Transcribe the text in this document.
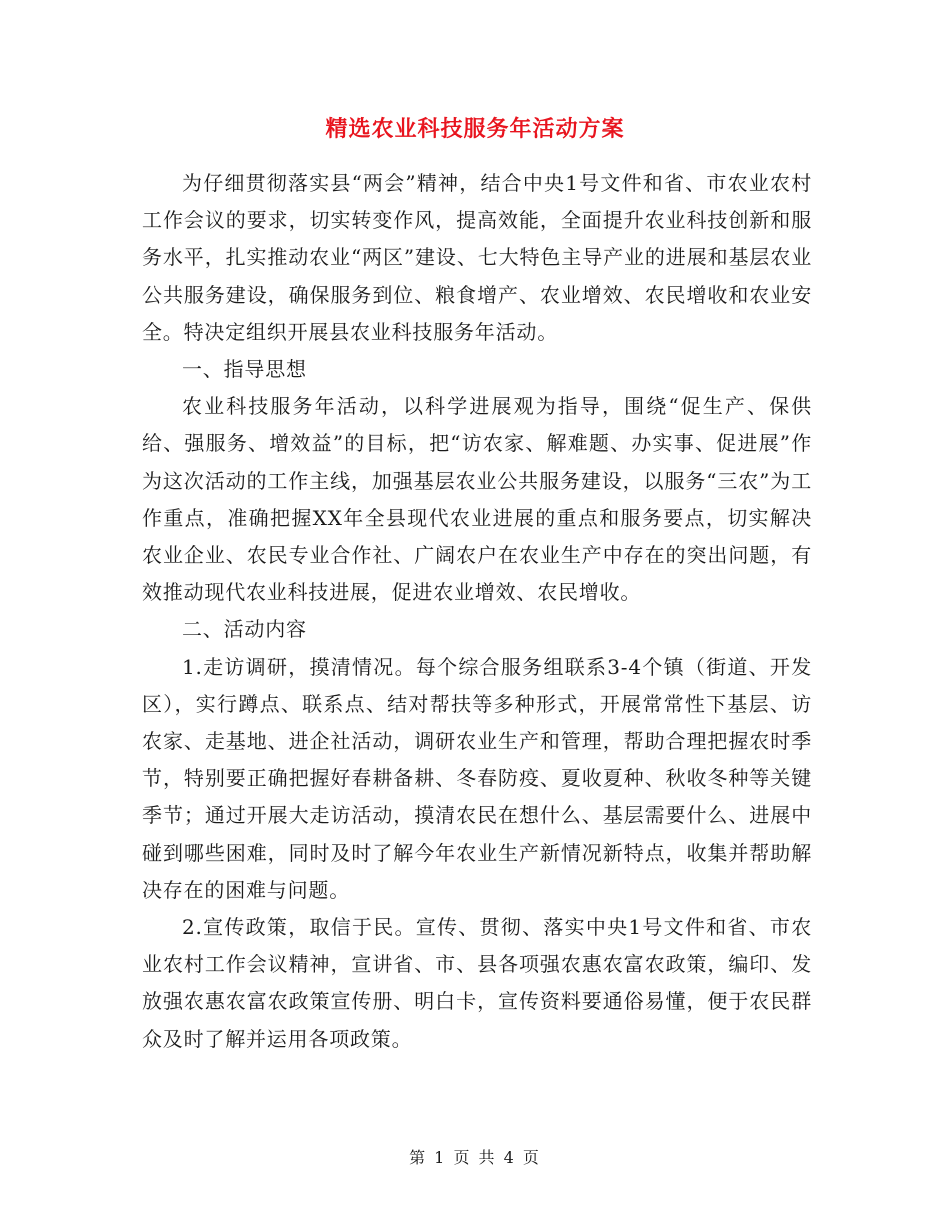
精选农业科技服务年活动方案

为仔细贯彻落实县“两会”精神，结合中央1号文件和省、市农业农村工作会议的要求，切实转变作风，提高效能，全面提升农业科技创新和服务水平，扎实推动农业“两区”建设、七大特色主导产业的进展和基层农业公共服务建设，确保服务到位、粮食增产、农业增效、农民增收和农业安全。特决定组织开展县农业科技服务年活动。

一、指导思想

农业科技服务年活动，以科学进展观为指导，围绕“促生产、保供给、强服务、增效益”的目标，把“访农家、解难题、办实事、促进展”作为这次活动的工作主线，加强基层农业公共服务建设，以服务“三农”为工作重点，准确把握XX年全县现代农业进展的重点和服务要点，切实解决农业企业、农民专业合作社、广阔农户在农业生产中存在的突出问题，有效推动现代农业科技进展，促进农业增效、农民增收。

二、活动内容

1.走访调研，摸清情况。每个综合服务组联系3-4个镇（街道、开发区），实行蹲点、联系点、结对帮扶等多种形式，开展常常性下基层、访农家、走基地、进企社活动，调研农业生产和管理，帮助合理把握农时季节，特别要正确把握好春耕备耕、冬春防疫、夏收夏种、秋收冬种等关键季节；通过开展大走访活动，摸清农民在想什么、基层需要什么、进展中碰到哪些困难，同时及时了解今年农业生产新情况新特点，收集并帮助解决存在的困难与问题。

2.宣传政策，取信于民。宣传、贯彻、落实中央1号文件和省、市农业农村工作会议精神，宣讲省、市、县各项强农惠农富农政策，编印、发放强农惠农富农政策宣传册、明白卡，宣传资料要通俗易懂，便于农民群众及时了解并运用各项政策。

第 1 页 共 4 页
